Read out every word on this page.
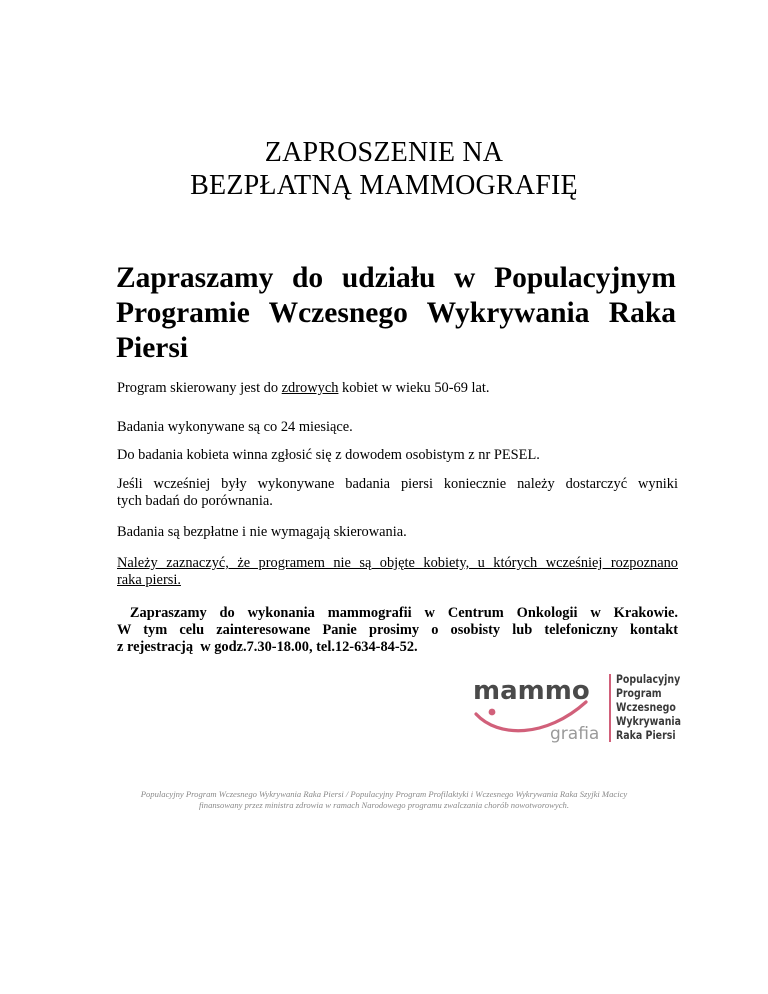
ZAPROSZENIE NA
BEZPŁATNĄ MAMMOGRAFIĘ
Zapraszamy do udziału w Populacyjnym
Programie Wczesnego Wykrywania Raka
Piersi
Program skierowany jest do zdrowych kobiet w wieku 50-69 lat.
Badania wykonywane są co 24 miesiące.
Do badania kobieta winna zgłosić się z dowodem osobistym z nr PESEL.
Jeśli wcześniej były wykonywane badania piersi koniecznie należy dostarczyć wyniki
tych badań do porównania.
Badania są bezpłatne i nie wymagają skierowania.
Należy zaznaczyć, że programem nie są objęte kobiety, u których wcześniej rozpoznano
raka piersi.
Zapraszamy do wykonania mammografii w Centrum Onkologii w Krakowie.
W tym celu zainteresowane Panie prosimy o osobisty lub telefoniczny kontakt
z rejestracją  w godz.7.30-18.00, tel.12-634-84-52.
mammo
grafia
Populacyjny
Program
Wczesnego
Wykrywania
Raka Piersi
Populacyjny Program Wczesnego Wykrywania Raka Piersi / Populacyjny Program Profilaktyki i Wczesnego Wykrywania Raka Szyjki Macicy
finansowany przez ministra zdrowia w ramach Narodowego programu zwalczania chorób nowotworowych.
